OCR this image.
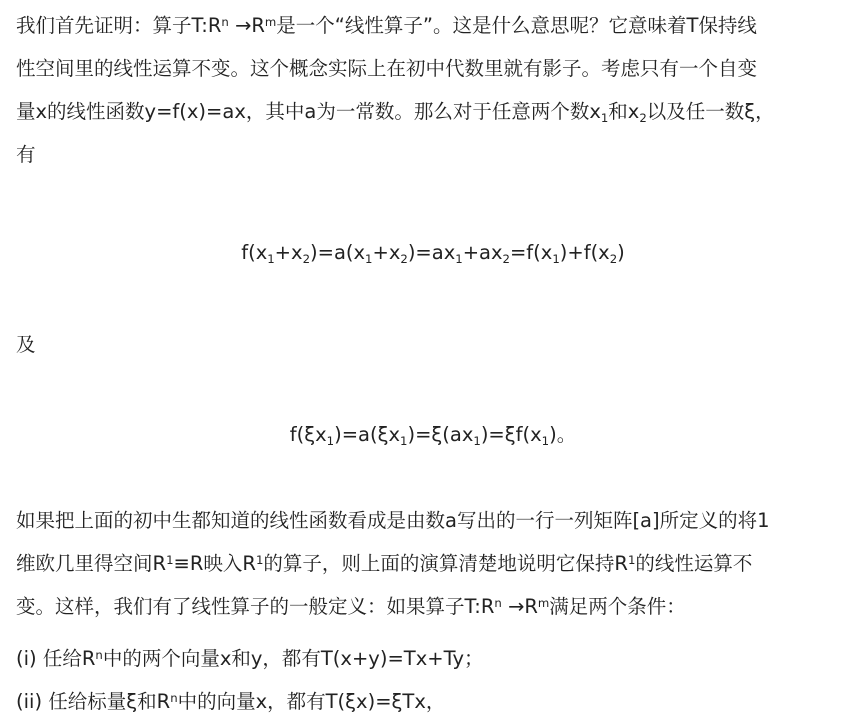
我们首先证明：算子$T:R^n \to R^m$是一个“线性算子”。这是什么意思呢？它意味着T保持线
性空间里的线性运算不变。这个概念实际上在初中代数里就有影子。考虑只有一个自变
量x的线性函数y=f(x)=ax，其中a为一常数。那么对于任意两个数$x_1$和$x_2$以及任一数ξ，
有

$f(x_1+x_2)=a(x_1+x_2)=ax_1+ax_2=f(x_1)+f(x_2)$

及

$f(\xi x_1)=a(\xi x_1)=\xi(ax_1)=\xi f(x_1)$。

如果把上面的初中生都知道的线性函数看成是由数a写出的一行一列矩阵[a]所定义的将1
维欧几里得空间$R^1\equiv R$映入$R^1$的算子，则上面的演算清楚地说明它保持$R^1$的线性运算不
变。这样，我们有了线性算子的一般定义：如果算子$T:R^n \to R^m$满足两个条件：

(i) 任给$R^n$中的两个向量x和y，都有T(x+y)=Tx+Ty；

(ii) 任给标量ξ和$R^n$中的向量x，都有T(ξx)=ξTx，
